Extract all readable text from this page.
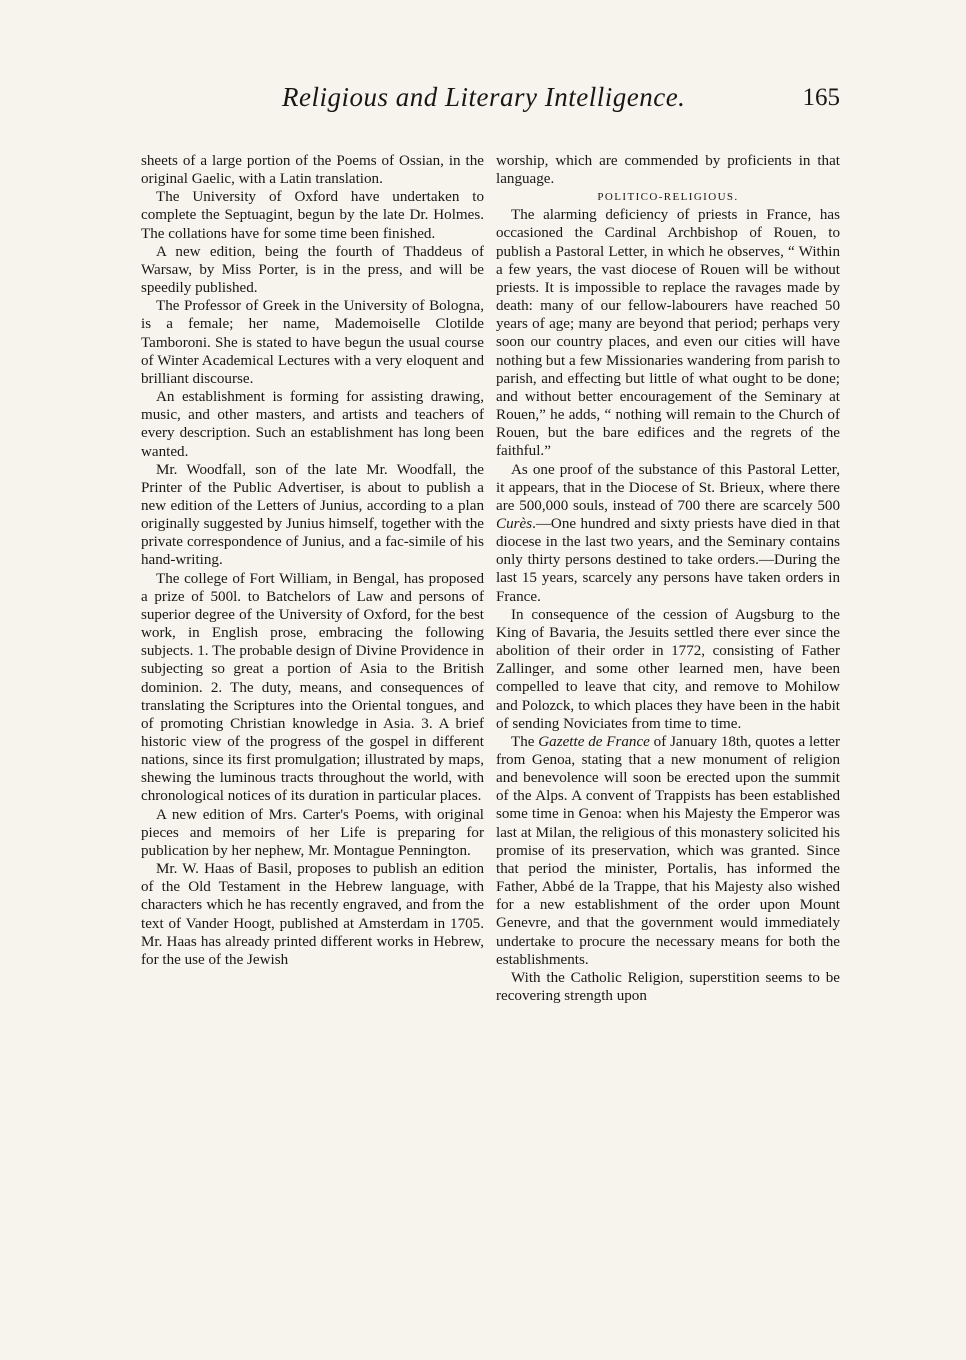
Religious and Literary Intelligence.	165

sheets of a large portion of the Poems of Ossian, in the original Gaelic, with a Latin translation.

The University of Oxford have undertaken to complete the Septuagint, begun by the late Dr. Holmes. The collations have for some time been finished.

A new edition, being the fourth of Thaddeus of Warsaw, by Miss Porter, is in the press, and will be speedily published.

The Professor of Greek in the University of Bologna, is a female; her name, Mademoiselle Clotilde Tamboroni. She is stated to have begun the usual course of Winter Academical Lectures with a very eloquent and brilliant discourse.

An establishment is forming for assisting drawing, music, and other masters, and artists and teachers of every description. Such an establishment has long been wanted.

Mr. Woodfall, son of the late Mr. Woodfall, the Printer of the Public Advertiser, is about to publish a new edition of the Letters of Junius, according to a plan originally suggested by Junius himself, together with the private correspondence of Junius, and a fac-simile of his hand-writing.

The college of Fort William, in Bengal, has proposed a prize of 500l. to Batchelors of Law and persons of superior degree of the University of Oxford, for the best work, in English prose, embracing the following subjects. 1. The probable design of Divine Providence in subjecting so great a portion of Asia to the British dominion. 2. The duty, means, and consequences of translating the Scriptures into the Oriental tongues, and of promoting Christian knowledge in Asia. 3. A brief historic view of the progress of the gospel in different nations, since its first promulgation; illustrated by maps, shewing the luminous tracts throughout the world, with chronological notices of its duration in particular places.

A new edition of Mrs. Carter's Poems, with original pieces and memoirs of her Life is preparing for publication by her nephew, Mr. Montague Pennington.

Mr. W. Haas of Basil, proposes to publish an edition of the Old Testament in the Hebrew language, with characters which he has recently engraved, and from the text of Vander Hoogt, published at Amsterdam in 1705. Mr. Haas has already printed different works in Hebrew, for the use of the Jewish

worship, which are commended by proficients in that language.

POLITICO-RELIGIOUS.

The alarming deficiency of priests in France, has occasioned the Cardinal Archbishop of Rouen, to publish a Pastoral Letter, in which he observes, “ Within a few years, the vast diocese of Rouen will be without priests. It is impossible to replace the ravages made by death: many of our fellow-labourers have reached 50 years of age; many are beyond that period; perhaps very soon our country places, and even our cities will have nothing but a few Missionaries wandering from parish to parish, and effecting but little of what ought to be done; and without better encouragement of the Seminary at Rouen,” he adds, “ nothing will remain to the Church of Rouen, but the bare edifices and the regrets of the faithful.”

As one proof of the substance of this Pastoral Letter, it appears, that in the Diocese of St. Brieux, where there are 500,000 souls, instead of 700 there are scarcely 500 Curès.—One hundred and sixty priests have died in that diocese in the last two years, and the Seminary contains only thirty persons destined to take orders.—During the last 15 years, scarcely any persons have taken orders in France.

In consequence of the cession of Augsburg to the King of Bavaria, the Jesuits settled there ever since the abolition of their order in 1772, consisting of Father Zallinger, and some other learned men, have been compelled to leave that city, and remove to Mohilow and Polozck, to which places they have been in the habit of sending Noviciates from time to time.

The Gazette de France of January 18th, quotes a letter from Genoa, stating that a new monument of religion and benevolence will soon be erected upon the summit of the Alps. A convent of Trappists has been established some time in Genoa: when his Majesty the Emperor was last at Milan, the religious of this monastery solicited his promise of its preservation, which was granted. Since that period the minister, Portalis, has informed the Father, Abbé de la Trappe, that his Majesty also wished for a new establishment of the order upon Mount Genevre, and that the government would immediately undertake to procure the necessary means for both the establishments.

With the Catholic Religion, superstition seems to be recovering strength upon
